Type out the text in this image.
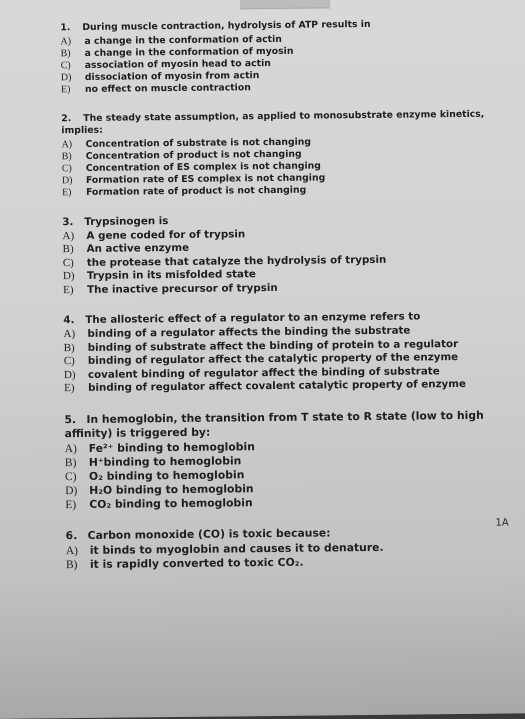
1. During muscle contraction, hydrolysis of ATP results in
A) a change in the conformation of actin
B) a change in the conformation of myosin
C) association of myosin head to actin
D) dissociation of myosin from actin
E) no effect on muscle contraction
2. The steady state assumption, as applied to monosubstrate enzyme kinetics, implies:
A) Concentration of substrate is not changing
B) Concentration of product is not changing
C) Concentration of ES complex is not changing
D) Formation rate of ES complex is not changing
E) Formation rate of product is not changing
3. Trypsinogen is
A) A gene coded for of trypsin
B) An active enzyme
C) the protease that catalyze the hydrolysis of trypsin
D) Trypsin in its misfolded state
E) The inactive precursor of trypsin
4. The allosteric effect of a regulator to an enzyme refers to
A) binding of a regulator affects the binding the substrate
B) binding of substrate affect the binding of protein to a regulator
C) binding of regulator affect the catalytic property of the enzyme
D) covalent binding of regulator affect the binding of substrate
E) binding of regulator affect covalent catalytic property of enzyme
5. In hemoglobin, the transition from T state to R state (low to high affinity) is triggered by:
A) Fe²⁺ binding to hemoglobin
B) H⁺binding to hemoglobin
C) O₂ binding to hemoglobin
D) H₂O binding to hemoglobin
E) CO₂ binding to hemoglobin
6. Carbon monoxide (CO) is toxic because:
A) it binds to myoglobin and causes it to denature.
B) it is rapidly converted to toxic CO₂.
1A
